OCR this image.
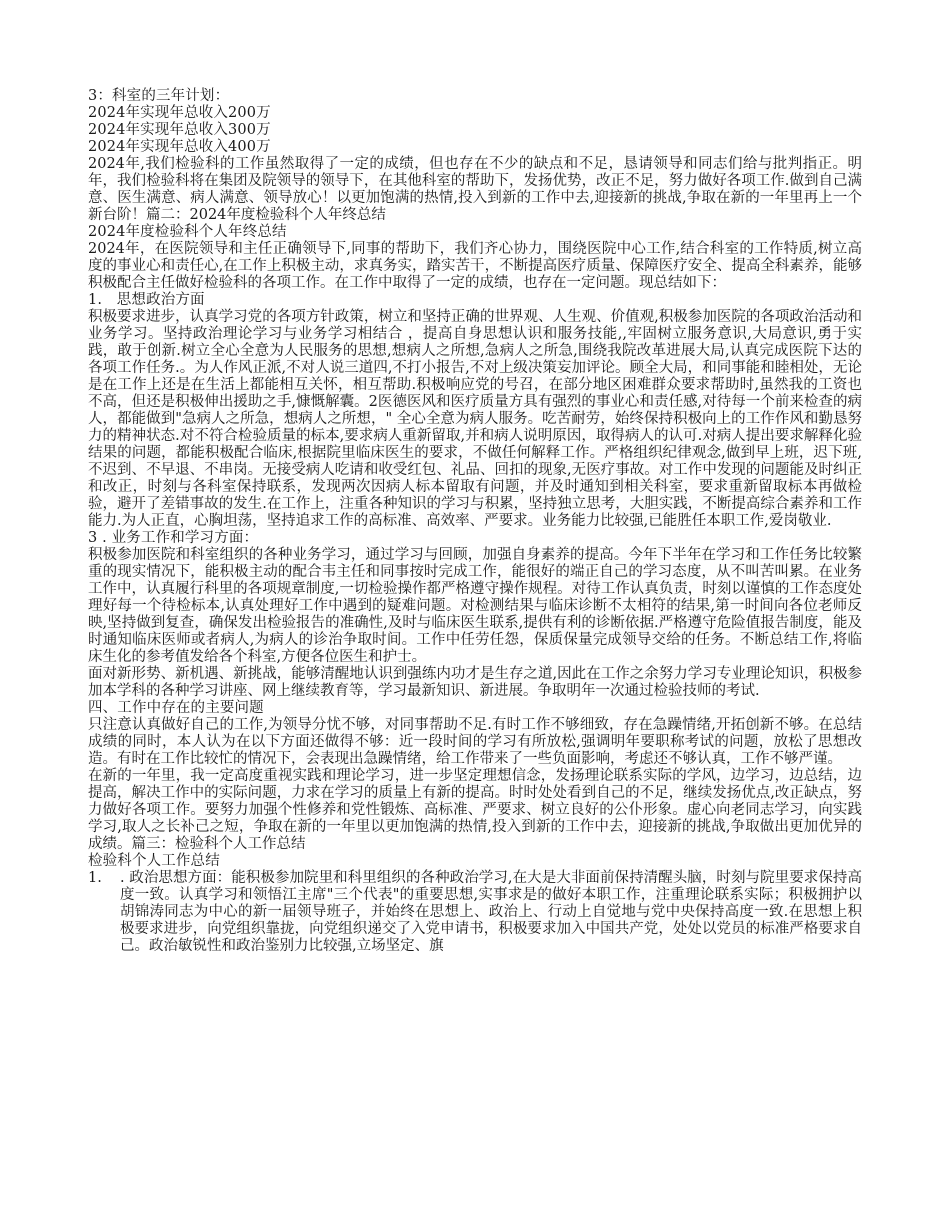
3：科室的三年计划：
2024年实现年总收入200万
2024年实现年总收入300万
2024年实现年总收入400万
2024年,我们检验科的工作虽然取得了一定的成绩，但也存在不少的缺点和不足，恳请领导和同志们给与批判指正。明年，我们检验科将在集团及院领导的领导下，在其他科室的帮助下，发扬优势，改正不足，努力做好各项工作.做到自己满意、医生满意、病人满意、领导放心！以更加饱满的热情,投入到新的工作中去,迎接新的挑战,争取在新的一年里再上一个新台阶！篇二：2024年度检验科个人年终总结
2024年度检验科个人年终总结
2024年，在医院领导和主任正确领导下,同事的帮助下，我们齐心协力，围绕医院中心工作,结合科室的工作特质,树立高度的事业心和责任心,在工作上积极主动，求真务实，踏实苦干，不断提高医疗质量、保障医疗安全、提高全科素养，能够积极配合主任做好检验科的各项工作。在工作中取得了一定的成绩，也存在一定问题。现总结如下：
1.　思想政治方面
积极要求进步，认真学习党的各项方针政策，树立和坚持正确的世界观、人生观、价值观,积极参加医院的各项政治活动和业务学习。坚持政治理论学习与业务学习相结合 ，提高自身思想认识和服务技能,,牢固树立服务意识,大局意识,勇于实践，敢于创新.树立全心全意为人民服务的思想,想病人之所想,急病人之所急,围绕我院改革进展大局,认真完成医院下达的各项工作任务.。为人作风正派,不对人说三道四,不打小报告,不对上级决策妄加评论。顾全大局，和同事能和睦相处，无论是在工作上还是在生活上都能相互关怀，相互帮助.积极响应党的号召，在部分地区困难群众要求帮助时,虽然我的工资也不高，但还是积极伸出援助之手,慷慨解囊。2医德医风和医疗质量方具有强烈的事业心和责任感,对待每一个前来检查的病人，都能做到"急病人之所急，想病人之所想，" 全心全意为病人服务。吃苦耐劳，始终保持积极向上的工作作风和勤恳努力的精神状态.对不符合检验质量的标本,要求病人重新留取,并和病人说明原因，取得病人的认可.对病人提出要求解释化验结果的问题，都能积极配合临床,根据院里临床医生的要求，不做任何解释工作。严格组织纪律观念,做到早上班，迟下班,不迟到、不早退、不串岗。无接受病人吃请和收受红包、礼品、回扣的现象,无医疗事故。对工作中发现的问题能及时纠正和改正，时刻与各科室保持联系，发现两次因病人标本留取有问题，并及时通知到相关科室，要求重新留取标本再做检验，避开了差错事故的发生.在工作上，注重各种知识的学习与积累，坚持独立思考，大胆实践，不断提高综合素养和工作能力.为人正直，心胸坦荡，坚持追求工作的高标准、高效率、严要求。业务能力比较强,已能胜任本职工作,爱岗敬业.
3 . 业务工作和学习方面：
积极参加医院和科室组织的各种业务学习，通过学习与回顾，加强自身素养的提高。今年下半年在学习和工作任务比较繁重的现实情况下，能积极主动的配合韦主任和同事按时完成工作，能很好的端正自己的学习态度，从不叫苦叫累。在业务工作中，认真履行科里的各项规章制度,一切检验操作都严格遵守操作规程。对待工作认真负责，时刻以谨慎的工作态度处理好每一个待检标本,认真处理好工作中遇到的疑难问题。对检测结果与临床诊断不太相符的结果,第一时间向各位老师反映,坚持做到复查，确保发出检验报告的准确性,及时与临床医生联系,提供有利的诊断依据.严格遵守危险值报告制度，能及时通知临床医师或者病人,为病人的诊治争取时间。工作中任劳任怨，保质保量完成领导交给的任务。不断总结工作,将临床生化的参考值发给各个科室,方便各位医生和护士。
面对新形势、新机遇、新挑战，能够清醒地认识到强练内功才是生存之道,因此在工作之余努力学习专业理论知识，积极参加本学科的各种学习讲座、网上继续教育等，学习最新知识、新进展。争取明年一次通过检验技师的考试.
四、工作中存在的主要问题
只注意认真做好自己的工作,为领导分忧不够，对同事帮助不足.有时工作不够细致，存在急躁情绪,开拓创新不够。在总结成绩的同时，本人认为在以下方面还做得不够：近一段时间的学习有所放松,强调明年要职称考试的问题，放松了思想改造。有时在工作比较忙的情况下，会表现出急躁情绪，给工作带来了一些负面影响，考虑还不够认真，工作不够严谨。
在新的一年里，我一定高度重视实践和理论学习，进一步坚定理想信念，发扬理论联系实际的学风，边学习，边总结，边提高，解决工作中的实际问题，力求在学习的质量上有新的提高。时时处处看到自己的不足，继续发扬优点,改正缺点，努力做好各项工作。要努力加强个性修养和党性锻炼、高标准、严要求、树立良好的公仆形象。虚心向老同志学习，向实践学习,取人之长补己之短，争取在新的一年里以更加饱满的热情,投入到新的工作中去，迎接新的挑战,争取做出更加优异的成绩。篇三：检验科个人工作总结
检验科个人工作总结
1.	. 政治思想方面：能积极参加院里和科里组织的各种政治学习,在大是大非面前保持清醒头脑，时刻与院里要求保持高度一致。认真学习和领悟江主席"三个代表"的重要思想,实事求是的做好本职工作，注重理论联系实际；积极拥护以胡锦涛同志为中心的新一届领导班子，并始终在思想上、政治上、行动上自觉地与党中央保持高度一致.在思想上积极要求进步，向党组织靠拢，向党组织递交了入党申请书，积极要求加入中国共产党，处处以党员的标准严格要求自己。政治敏锐性和政治鉴别力比较强,立场坚定、旗
